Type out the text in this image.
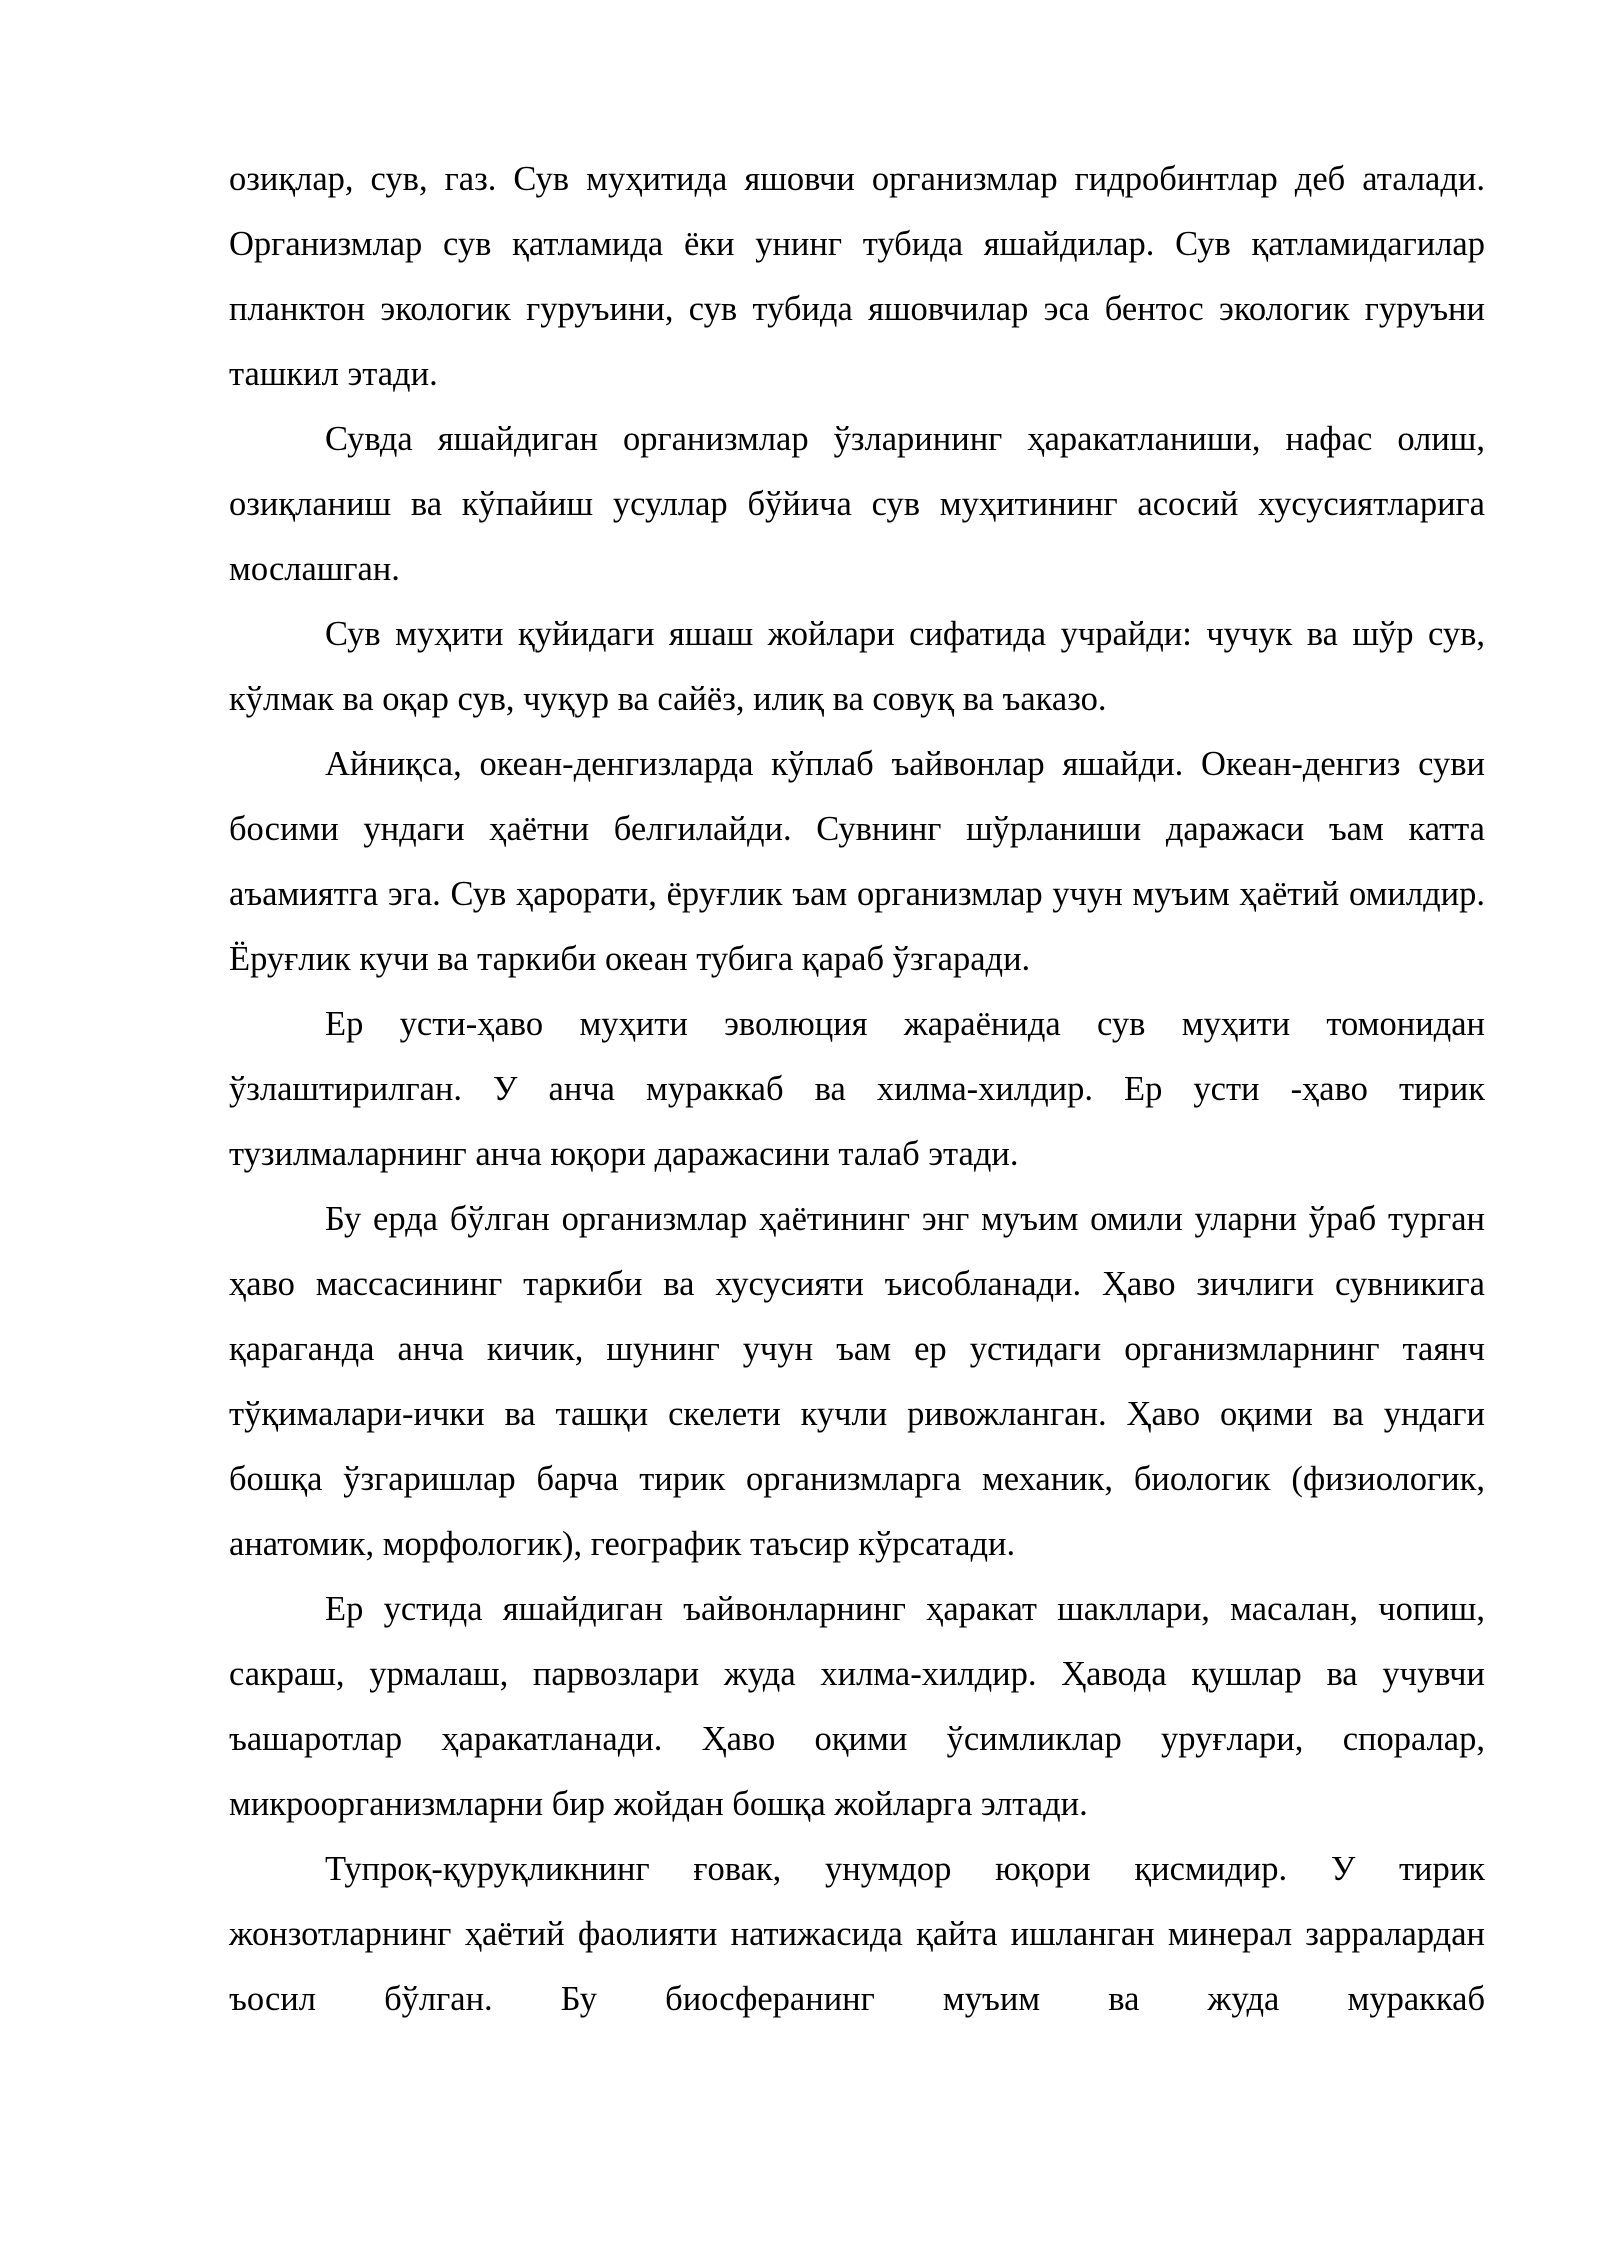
озиқлар, сув, газ. Сув муҳитида яшовчи организмлар гидробинтлар деб аталади. Организмлар сув қатламида ёки унинг тубида яшайдилар. Сув қатламидагилар планктон экологик гуруъини, сув тубида яшовчилар эса бентос экологик гуруъни ташкил этади.

Сувда яшайдиган организмлар ўзларининг ҳаракатланиши, нафас олиш, озиқланиш ва кўпайиш усуллар бўйича сув муҳитининг асосий хусусиятларига мослашган.

Сув муҳити қуйидаги яшаш жойлари сифатида учрайди: чучук ва шўр сув, кўлмак ва оқар сув, чуқур ва сайёз, илиқ ва совуқ ва ъаказо.

Айниқса, океан-денгизларда кўплаб ъайвонлар яшайди. Океан-денгиз суви босими ундаги ҳаётни белгилайди. Сувнинг шўрланиши даражаси ъам катта аъамиятга эга. Сув ҳарорати, ёруғлик ъам организмлар учун муъим ҳаётий омилдир. Ёруғлик кучи ва таркиби океан тубига қараб ўзгаради.

Ер усти-ҳаво муҳити эволюция жараёнида сув муҳити томонидан ўзлаштирилган. У анча мураккаб ва хилма-хилдир. Ер усти -ҳаво тирик тузилмаларнинг анча юқори даражасини талаб этади.

Бу ерда бўлган организмлар ҳаётининг энг муъим омили уларни ўраб турган ҳаво массасининг таркиби ва хусусияти ъисобланади. Ҳаво зичлиги сувникига қараганда анча кичик, шунинг учун ъам ер устидаги организмларнинг таянч тўқималари-ички ва ташқи скелети кучли ривожланган. Ҳаво оқими ва ундаги бошқа ўзгаришлар барча тирик организмларга механик, биологик (физиологик, анатомик, морфологик), географик таъсир кўрсатади.

Ер устида яшайдиган ъайвонларнинг ҳаракат шакллари, масалан, чопиш, сакраш, урмалаш, парвозлари жуда хилма-хилдир. Ҳаводa қушлар ва учувчи ъашаротлар ҳаракатланади. Ҳаво оқими ўсимликлар уруғлари, споралар, микроорганизмларни бир жойдан бошқа жойларга элтади.

Тупроқ-қуруқликнинг ғовак, унумдор юқори қисмидир. У тирик жонзотларнинг ҳаётий фаолияти натижасида қайта ишланган минерал зарралардан ъосил бўлган. Бу биосферанинг муъим ва жуда мураккаб
